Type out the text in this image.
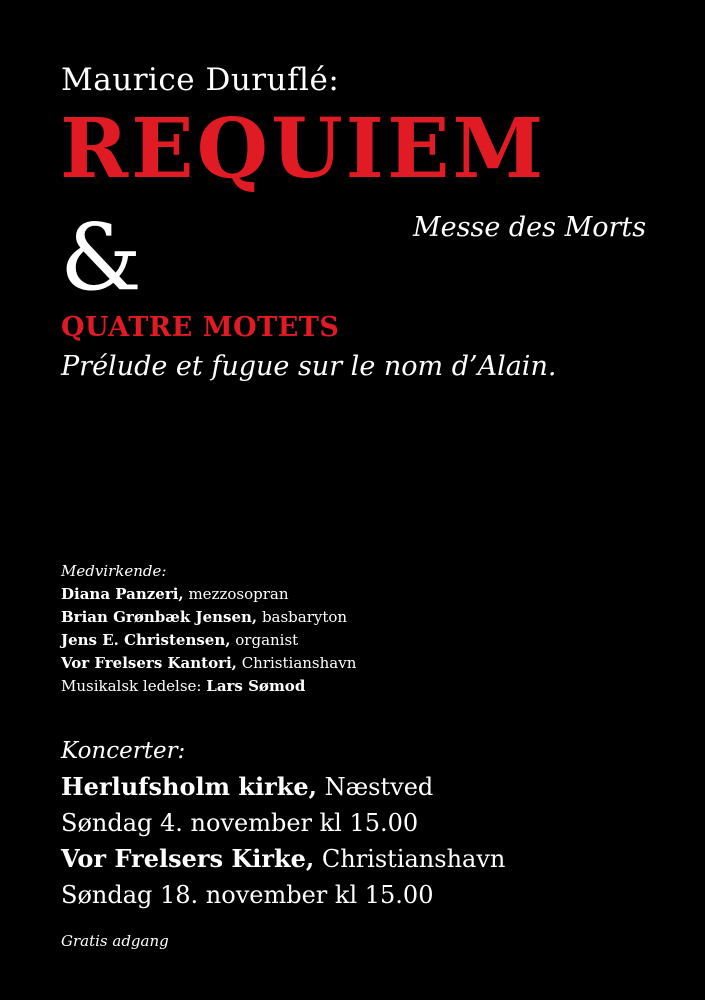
Maurice Duruflé:
REQUIEM
&	Messe des Morts
QUATRE MOTETS
Prélude et fugue sur le nom d’Alain.
Medvirkende:
Diana Panzeri, mezzosopran
Brian Grønbæk Jensen, basbaryton
Jens E. Christensen, organist
Vor Frelsers Kantori, Christianshavn
Musikalsk ledelse: Lars Sømod
Koncerter:
Herlufsholm kirke, Næstved
Søndag 4. november kl 15.00
Vor Frelsers Kirke, Christianshavn
Søndag 18. november kl 15.00
Gratis adgang
